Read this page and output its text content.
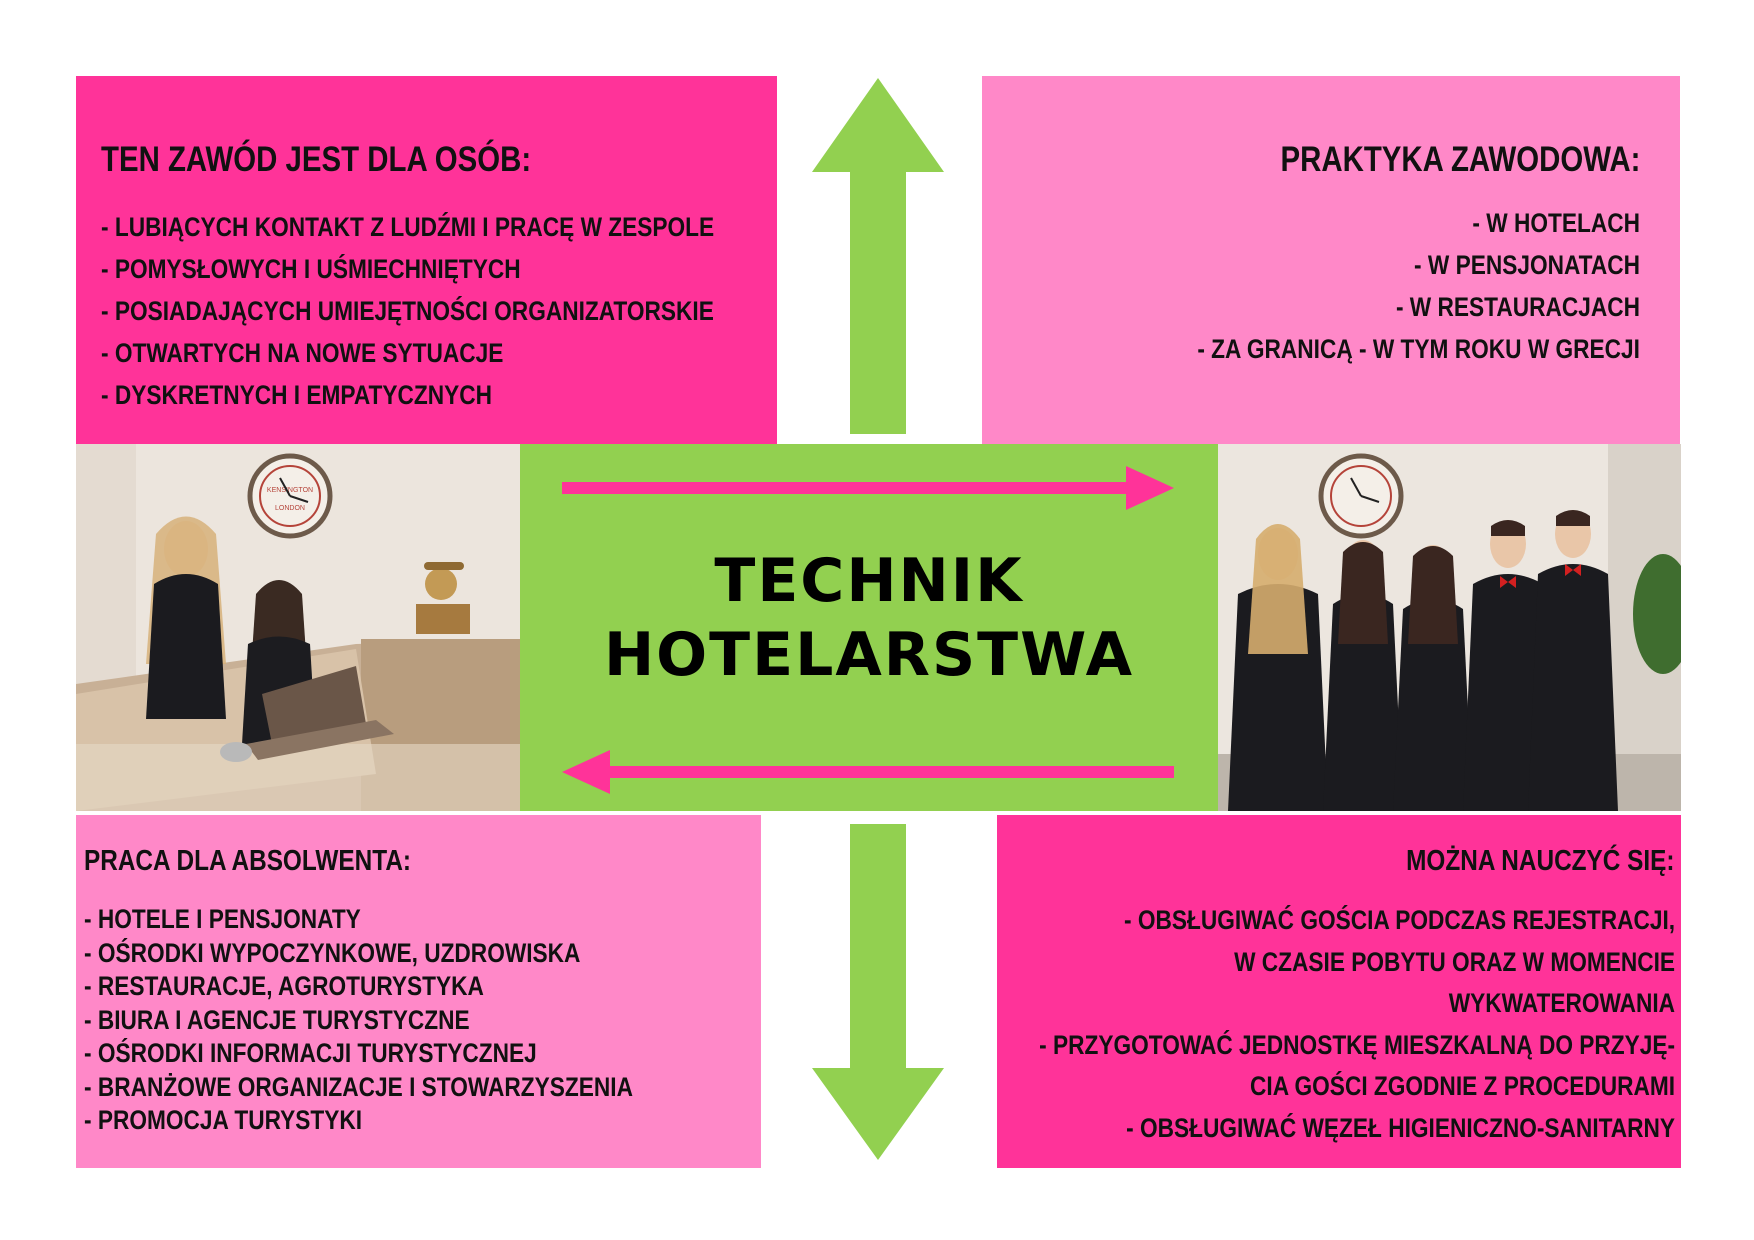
TEN ZAWÓD JEST DLA OSÓB:
- LUBIĄCYCH KONTAKT Z LUDŹMI I PRACĘ W ZESPOLE
- POMYSŁOWYCH I UŚMIECHNIĘTYCH
- POSIADAJĄCYCH UMIEJĘTNOŚCI ORGANIZATORSKIE
- OTWARTYCH NA NOWE SYTUACJE
- DYSKRETNYCH I EMPATYCZNYCH
PRAKTYKA ZAWODOWA:
- W HOTELACH
- W PENSJONATACH
- W RESTAURACJACH
- ZA GRANICĄ - W TYM ROKU W GRECJI
KENSINGTON
LONDON
TECHNIK
HOTELARSTWA
PRACA DLA ABSOLWENTA:
- HOTELE I PENSJONATY
- OŚRODKI WYPOCZYNKOWE, UZDROWISKA
- RESTAURACJE, AGROTURYSTYKA
- BIURA I AGENCJE TURYSTYCZNE
- OŚRODKI INFORMACJI TURYSTYCZNEJ
- BRANŻOWE ORGANIZACJE I STOWARZYSZENIA
- PROMOCJA TURYSTYKI
MOŻNA NAUCZYĆ SIĘ:
- OBSŁUGIWAĆ GOŚCIA PODCZAS REJESTRACJI,
W CZASIE POBYTU ORAZ W MOMENCIE
WYKWATEROWANIA
- PRZYGOTOWAĆ JEDNOSTKĘ MIESZKALNĄ DO PRZYJĘ-
CIA GOŚCI ZGODNIE Z PROCEDURAMI
- OBSŁUGIWAĆ WĘZEŁ HIGIENICZNO-SANITARNY
